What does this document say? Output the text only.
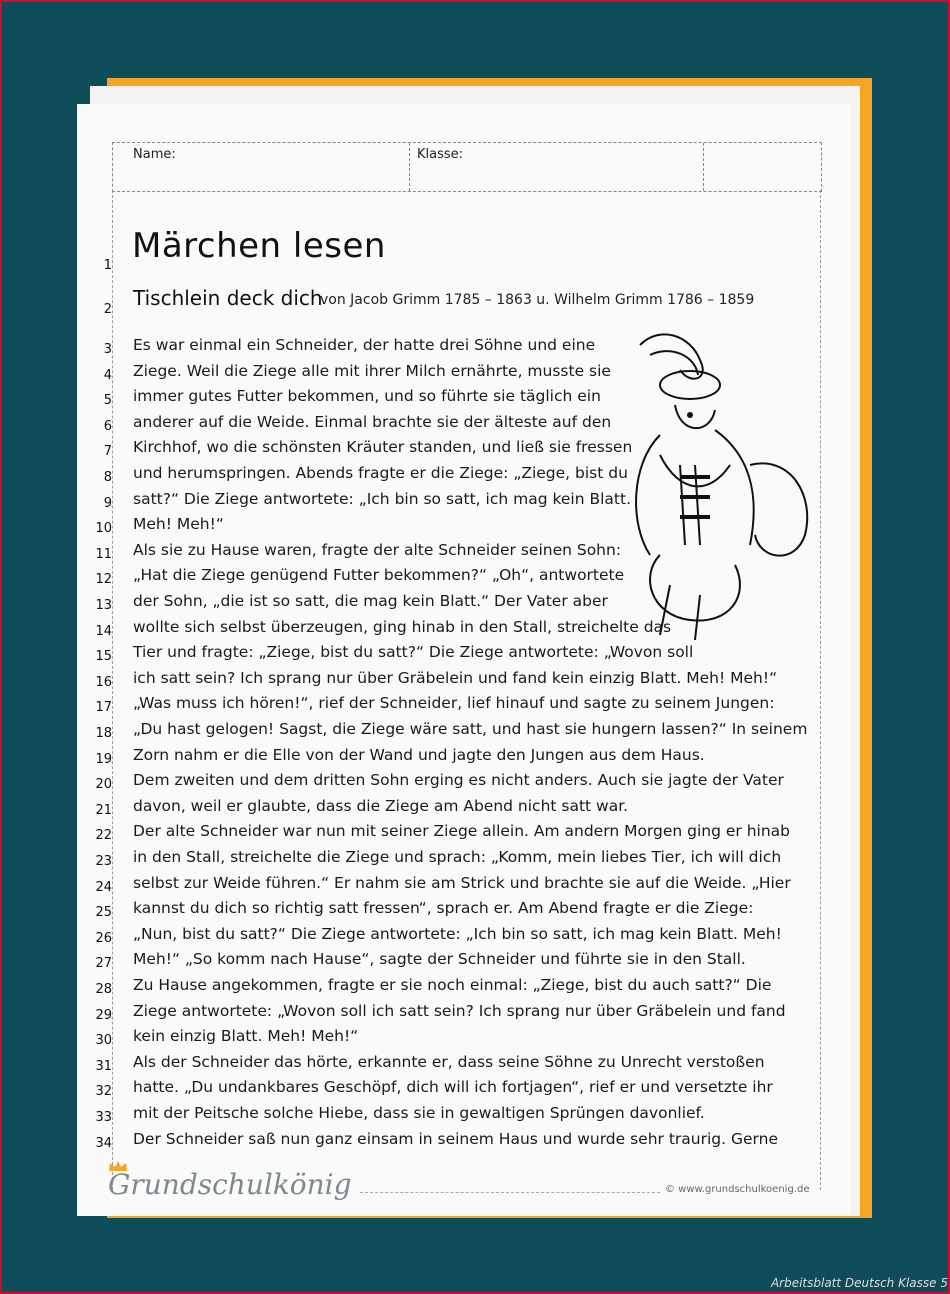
Name:	Klasse:
Märchen lesen
Tischlein deck dich
von Jacob Grimm 1785 – 1863 u. Wilhelm Grimm 1786 – 1859
1
2
3
4
5
6
7
8
9
10
11
12
13
14
15
16
17
18
19
20
21
22
23
24
25
26
27
28
29
30
31
32
33
34
Es war einmal ein Schneider, der hatte drei Söhne und eine
Ziege. Weil die Ziege alle mit ihrer Milch ernährte, musste sie
immer gutes Futter bekommen, und so führte sie täglich ein
anderer auf die Weide. Einmal brachte sie der älteste auf den
Kirchhof, wo die schönsten Kräuter standen, und ließ sie fressen
und herumspringen. Abends fragte er die Ziege: „Ziege, bist du
satt?“ Die Ziege antwortete: „Ich bin so satt, ich mag kein Blatt.
Meh! Meh!“
Als sie zu Hause waren, fragte der alte Schneider seinen Sohn:
„Hat die Ziege genügend Futter bekommen?“ „Oh“, antwortete
der Sohn, „die ist so satt, die mag kein Blatt.“ Der Vater aber
wollte sich selbst überzeugen, ging hinab in den Stall, streichelte das
Tier und fragte: „Ziege, bist du satt?“ Die Ziege antwortete: „Wovon soll
ich satt sein? Ich sprang nur über Gräbelein und fand kein einzig Blatt. Meh! Meh!“
„Was muss ich hören!“, rief der Schneider, lief hinauf und sagte zu seinem Jungen:
„Du hast gelogen! Sagst, die Ziege wäre satt, und hast sie hungern lassen?“ In seinem
Zorn nahm er die Elle von der Wand und jagte den Jungen aus dem Haus.
Dem zweiten und dem dritten Sohn erging es nicht anders. Auch sie jagte der Vater
davon, weil er glaubte, dass die Ziege am Abend nicht satt war.
Der alte Schneider war nun mit seiner Ziege allein. Am andern Morgen ging er hinab
in den Stall, streichelte die Ziege und sprach: „Komm, mein liebes Tier, ich will dich
selbst zur Weide führen.“ Er nahm sie am Strick und brachte sie auf die Weide. „Hier
kannst du dich so richtig satt fressen“, sprach er. Am Abend fragte er die Ziege:
„Nun, bist du satt?“ Die Ziege antwortete: „Ich bin so satt, ich mag kein Blatt. Meh!
Meh!“ „So komm nach Hause“, sagte der Schneider und führte sie in den Stall.
Zu Hause angekommen, fragte er sie noch einmal: „Ziege, bist du auch satt?“ Die
Ziege antwortete: „Wovon soll ich satt sein? Ich sprang nur über Gräbelein und fand
kein einzig Blatt. Meh! Meh!“
Als der Schneider das hörte, erkannte er, dass seine Söhne zu Unrecht verstoßen
hatte. „Du undankbares Geschöpf, dich will ich fortjagen“, rief er und versetzte ihr
mit der Peitsche solche Hiebe, dass sie in gewaltigen Sprüngen davonlief.
Der Schneider saß nun ganz einsam in seinem Haus und wurde sehr traurig. Gerne
Grundschulkönig	© www.grundschulkoenig.de
Arbeitsblatt Deutsch Klasse 5
